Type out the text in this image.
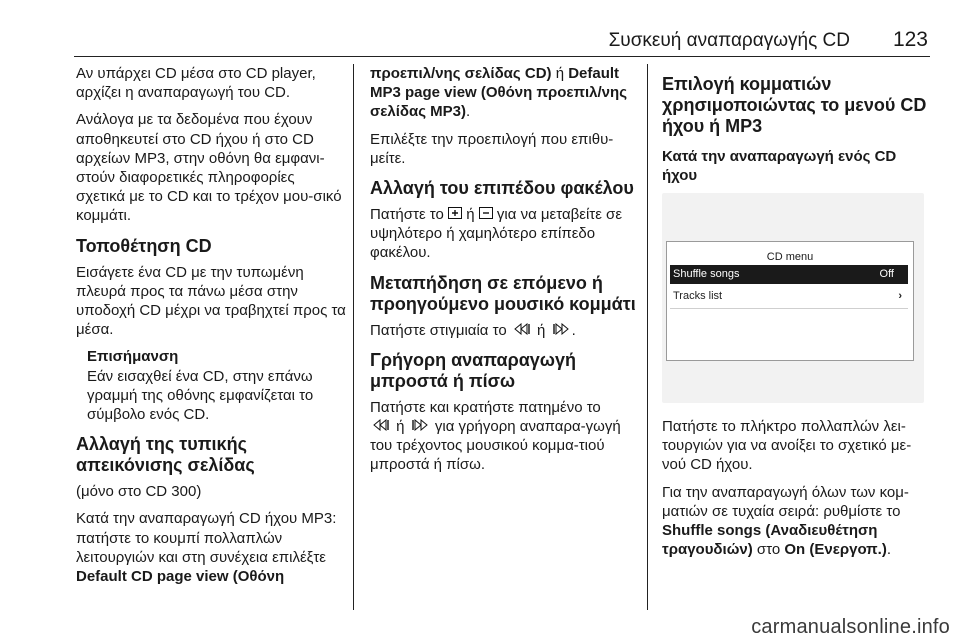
Συσκευή αναπαραγωγής CD	123

Αν υπάρχει CD μέσα στο CD player, αρχίζει η αναπαραγωγή του CD.

Ανάλογα με τα δεδομένα που έχουν αποθηκευτεί στο CD ήχου ή στο CD αρχείων MP3, στην οθόνη θα εμφανι-στούν διαφορετικές πληροφορίες σχετικά με το CD και το τρέχον μου-σικό κομμάτι.

Τοποθέτηση CD

Εισάγετε ένα CD με την τυπωμένη πλευρά προς τα πάνω μέσα στην υποδοχή CD μέχρι να τραβηχτεί προς τα μέσα.

Επισήμανση
Εάν εισαχθεί ένα CD, στην επάνω γραμμή της οθόνης εμφανίζεται το σύμβολο ενός CD.
Αλλαγή της τυπικής απεικόνισης σελίδας

(μόνο στο CD 300)

Κατά την αναπαραγωγή CD ήχου MP3: πατήστε το κουμπί πολλαπλών λειτουργιών και στη συνέχεια επιλέξτε Default CD page view (Οθόνη

προεπιλ/νης σελίδας CD) ή Default MP3 page view (Οθόνη προεπιλ/νης σελίδας MP3).

Επιλέξτε την προεπιλογή που επιθυ-μείτε.

Αλλαγή του επιπέδου φακέλου

Πατήστε το  ή  για να μεταβείτε σε υψηλότερο ή χαμηλότερο επίπεδο φακέλου.

Μεταπήδηση σε επόμενο ή προηγούμενο μουσικό κομμάτι

Πατήστε στιγμιαία το  ή .

Γρήγορη αναπαραγωγή μπροστά ή πίσω

Πατήστε και κρατήστε πατημένο το
ή  για γρήγορη αναπαρα-γωγή του τρέχοντος μουσικού κομμα-τιού μπροστά ή πίσω.

Επιλογή κομματιών χρησιμοποιώντας το μενού CD ήχου ή MP3
Κατά την αναπαραγωγή ενός CD ήχου
CD menu
Shuffle songs	Off
Tracks list	›

Πατήστε το πλήκτρο πολλαπλών λει-τουργιών για να ανοίξει το σχετικό με-νού CD ήχου.

Για την αναπαραγωγή όλων των κομ-ματιών σε τυχαία σειρά: ρυθμίστε το Shuffle songs (Αναδιευθέτηση τραγουδιών) στο On (Ενεργοπ.).

carmanualsonline.info
